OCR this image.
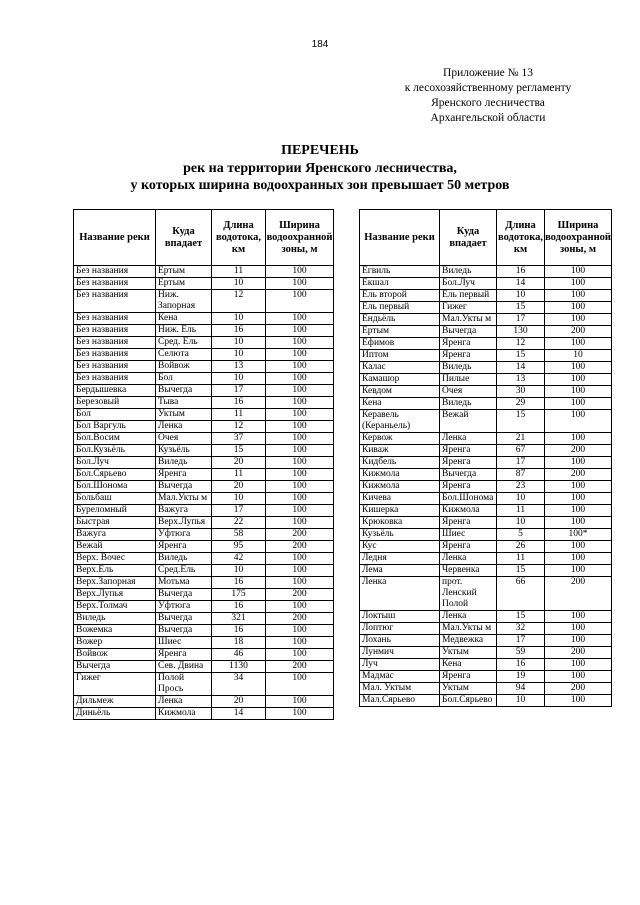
184
Приложение № 13
к лесохозяйственному регламенту
Яренского лесничества
Архангельской области
ПЕРЕЧЕНЬ
рек на территории Яренского лесничества,
у которых ширина водоохранных зон превышает 50 метров
Название реки	Куда впадает	Длина водотока, км	Ширина водоохранной зоны, м
Без названия	Ертым	11	100
Без названия	Ертым	10	100
Без названия	Ниж. Запорная	12	100
Без названия	Кена	10	100
Без названия	Ниж. Ёль	16	100
Без названия	Сред. Ёль	10	100
Без названия	Селюта	10	100
Без названия	Войвож	13	100
Без названия	Бол	10	100
Бердышевка	Вычегда	17	100
Березовый	Тыва	16	100
Бол	Уктым	11	100
Бол Варгуль	Ленка	12	100
Бол.Восим	Очея	37	100
Бол.Кузьёль	Кузьёль	15	100
Бол.Луч	Виледь	20	100
Бол.Сярьево	Яренга	11	100
Бол.Шонома	Вычегда	20	100
Больбаш	Мал.Укты м	10	100
Буреломный	Важуга	17	100
Быстрая	Верх.Лупья	22	100
Важуга	Уфтюга	58	200
Вежай	Яренга	95	200
Верх. Вочес	Виледь	42	100
Верх.Ель	Сред.Ель	10	100
Верх.Запорная	Мотьма	16	100
Верх.Лупья	Вычегда	175	200
Верх.Толмач	Уфтюга	16	100
Виледь	Вычегда	321	200
Вожемка	Вычегда	16	100
Вожер	Шиес	18	100
Войвож	Яренга	46	100
Вычегда	Сев. Двина	1130	200
Гижег	Полой Прось	34	100
Дильмеж	Ленка	20	100
Диньёль	Кижмола	14	100
Название реки	Куда впадает	Длина водотока, км	Ширина водоохранной зоны, м
Егвиль	Виледь	16	100
Екшал	Бол.Луч	14	100
Ель второй	Ель первый	10	100
Ель первый	Гижег	15	100
Ендьёль	Мал.Укты м	17	100
Ёртым	Вычегда	130	200
Ефимов	Яренга	12	100
Иптом	Яренга	15	10
Калас	Виледь	14	100
Камашор	Пилые	13	100
Кевдом	Очея	30	100
Кена	Виледь	29	100
Керавель (Кераньель)	Вежай	15	100
Кервож	Ленка	21	100
Киваж	Яренга	67	200
Кидбель	Яренга	17	100
Кижмола	Вычегда	87	200
Кижмола	Яренга	23	100
Кичева	Бол.Шонома	10	100
Кишерка	Кижмола	11	100
Крюковка	Яренга	10	100
Кузьёль	Шиес	5	100*
Кус	Яренга	26	100
Ледня	Ленка	11	100
Лема	Червенка	15	100
Ленка	прот. Ленский Полой	66	200
Локтыш	Ленка	15	100
Лоптюг	Мал.Укты м	32	100
Лохань	Медвежка	17	100
Лунмич	Уктым	59	200
Луч	Кена	16	100
Мадмас	Яренга	19	100
Мал. Уктым	Уктым	94	200
Мал.Сярьево	Бол.Сярьево	10	100
